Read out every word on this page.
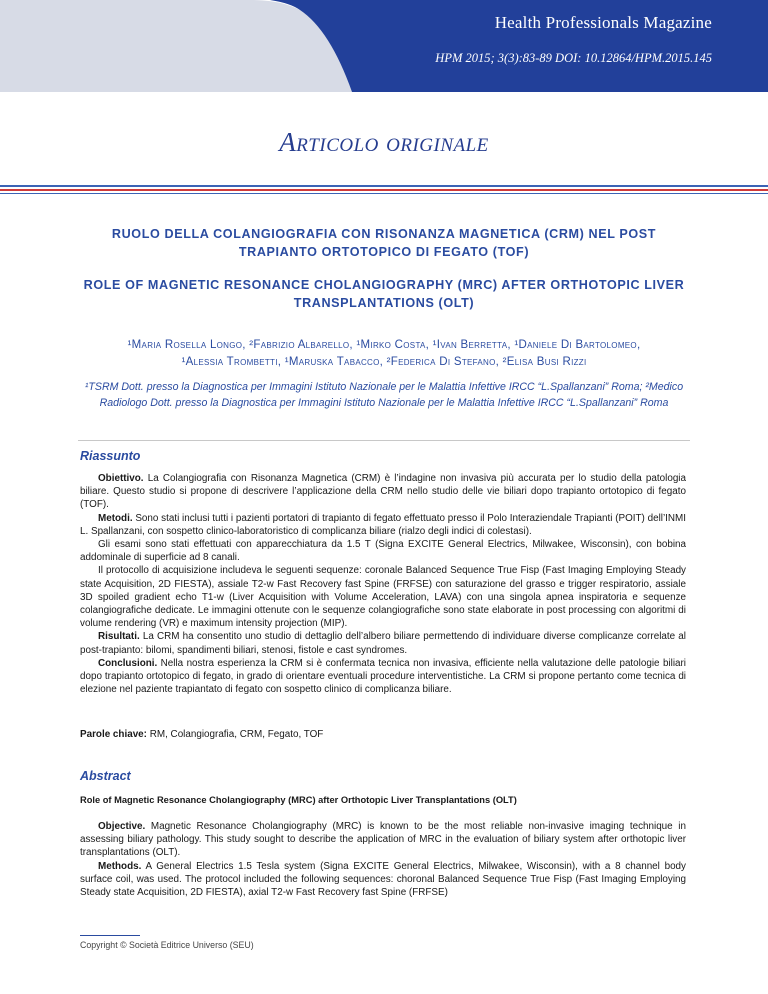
Health Professionals Magazine
HPM 2015; 3(3):83-89 DOI: 10.12864/HPM.2015.145
Articolo originale
RUOLO DELLA COLANGIOGRAFIA CON RISONANZA MAGNETICA (CRM) NEL POST TRAPIANTO ORTOTOPICO DI FEGATO (TOF)
ROLE OF MAGNETIC RESONANCE CHOLANGIOGRAPHY (MRC) AFTER ORTHOTOPIC LIVER TRANSPLANTATIONS (OLT)
¹Maria Rosella Longo, ²Fabrizio Albarello, ¹Mirko Costa, ¹Ivan Berretta, ¹Daniele Di Bartolomeo,
¹Alessia Trombetti, ¹Maruska Tabacco, ²Federica Di Stefano, ²Elisa Busi Rizzi
¹TSRM Dott. presso la Diagnostica per Immagini Istituto Nazionale per le Malattia Infettive IRCC “L.Spallanzani” Roma; ²Medico Radiologo Dott. presso la Diagnostica per Immagini Istituto Nazionale per le Malattia Infettive IRCC “L.Spallanzani” Roma
Riassunto

Obiettivo. La Colangiografia con Risonanza Magnetica (CRM) è l’indagine non invasiva più accurata per lo studio della patologia biliare. Questo studio si propone di descrivere l’applicazione della CRM nello studio delle vie biliari dopo trapianto ortotopico di fegato (TOF).

Metodi. Sono stati inclusi tutti i pazienti portatori di trapianto di fegato effettuato presso il Polo Interaziendale Trapianti (POIT) dell’INMI L. Spallanzani, con sospetto clinico-laboratoristico di complicanza biliare (rialzo degli indici di colestasi).

Gli esami sono stati effettuati con apparecchiatura da 1.5 T (Signa EXCITE General Electrics, Milwakee, Wisconsin), con bobina addominale di superficie ad 8 canali.

Il protocollo di acquisizione includeva le seguenti sequenze: coronale Balanced Sequence True Fisp (Fast Imaging Employing Steady state Acquisition, 2D FIESTA), assiale T2-w Fast Recovery fast Spine (FRFSE) con saturazione del grasso e trigger respiratorio, assiale 3D spoiled gradient echo T1-w (Liver Acquisition with Volume Acceleration, LAVA) con una singola apnea inspiratoria e sequenze colangiografiche dedicate. Le immagini ottenute con le sequenze colangiografiche sono state elaborate in post processing con algoritmi di volume rendering (VR) e maximum intensity projection (MIP).

Risultati. La CRM ha consentito uno studio di dettaglio dell’albero biliare permettendo di individuare diverse complicanze correlate al post-trapianto: bilomi, spandimenti biliari, stenosi, fistole e cast syndromes.

Conclusioni. Nella nostra esperienza la CRM si è confermata tecnica non invasiva, efficiente nella valutazione delle patologie biliari dopo trapianto ortotopico di fegato, in grado di orientare eventuali procedure interventistiche. La CRM si propone pertanto come tecnica di elezione nel paziente trapiantato di fegato con sospetto clinico di complicanza biliare.

Parole chiave: RM, Colangiografia, CRM, Fegato, TOF
Abstract
Role of Magnetic Resonance Cholangiography (MRC) after Orthotopic Liver Transplantations (OLT)

Objective. Magnetic Resonance Cholangiography (MRC) is known to be the most reliable non-invasive imaging technique in assessing biliary pathology. This study sought to describe the application of MRC in the evaluation of biliary system after orthotopic liver transplantations (OLT).

Methods. A General Electrics 1.5 Tesla system (Signa EXCITE General Electrics, Milwakee, Wisconsin), with a 8 channel body surface coil, was used. The protocol included the following sequences: choronal Balanced Sequence True Fisp (Fast Imaging Employing Steady state Acquisition, 2D FIESTA), axial T2-w Fast Recovery fast Spine (FRFSE)

Copyright © Società Editrice Universo (SEU)
